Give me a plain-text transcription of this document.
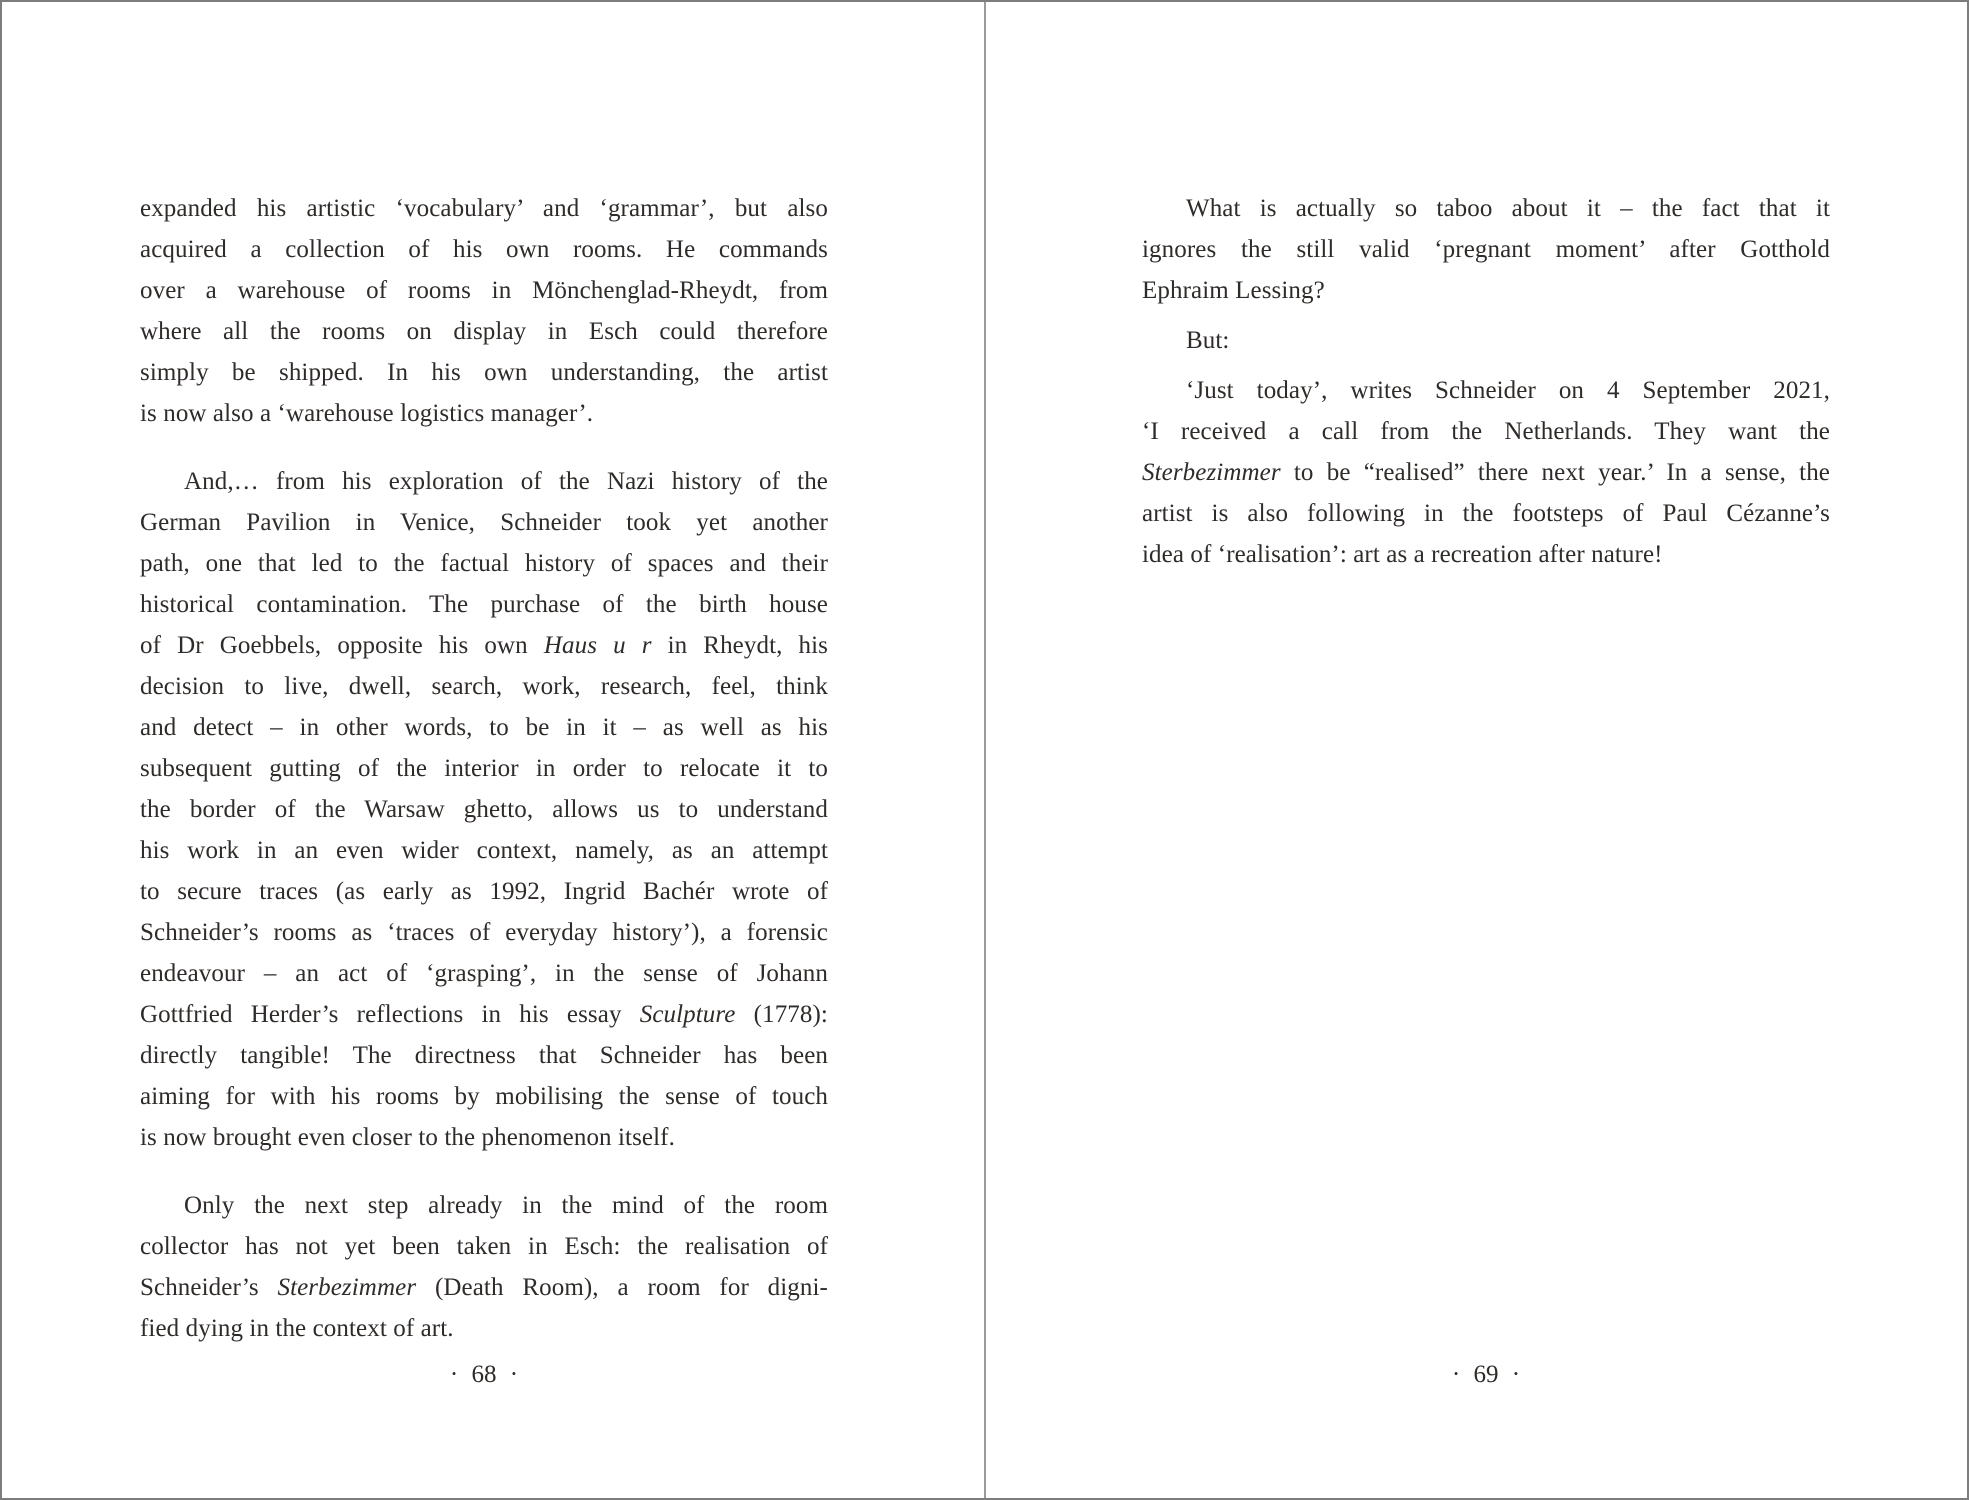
expanded his artistic ‘vocabulary’ and ‘grammar’, but also
acquired a collection of his own rooms. He commands
over a warehouse of rooms in Mönchenglad-Rheydt, from
where all the rooms on display in Esch could therefore
simply be shipped. In his own understanding, the artist
is now also a ‘warehouse logistics manager’.
And,… from his exploration of the Nazi history of the
German Pavilion in Venice, Schneider took yet another
path, one that led to the factual history of spaces and their
historical contamination. The purchase of the birth house
of Dr Goebbels, opposite his own Haus u r in Rheydt, his
decision to live, dwell, search, work, research, feel, think
and detect – in other words, to be in it – as well as his
subsequent gutting of the interior in order to relocate it to
the border of the Warsaw ghetto, allows us to understand
his work in an even wider context, namely, as an attempt
to secure traces (as early as 1992, Ingrid Bachér wrote of
Schneider’s rooms as ‘traces of everyday history’), a forensic
endeavour – an act of ‘grasping’, in the sense of Johann
Gottfried Herder’s reflections in his essay Sculpture (1778):
directly tangible! The directness that Schneider has been
aiming for with his rooms by mobilising the sense of touch
is now brought even closer to the phenomenon itself.
Only the next step already in the mind of the room
collector has not yet been taken in Esch: the realisation of
Schneider’s Sterbezimmer (Death Room), a room for digni-
fied dying in the context of art.
What is actually so taboo about it – the fact that it
ignores the still valid ‘pregnant moment’ after Gotthold
Ephraim Lessing?
But:
‘Just today’, writes Schneider on 4 September 2021,
‘I received a call from the Netherlands. They want the
Sterbezimmer to be “realised” there next year.’ In a sense, the
artist is also following in the footsteps of Paul Cézanne’s
idea of ‘realisation’: art as a recreation after nature!
· 68 ·	· 69 ·
